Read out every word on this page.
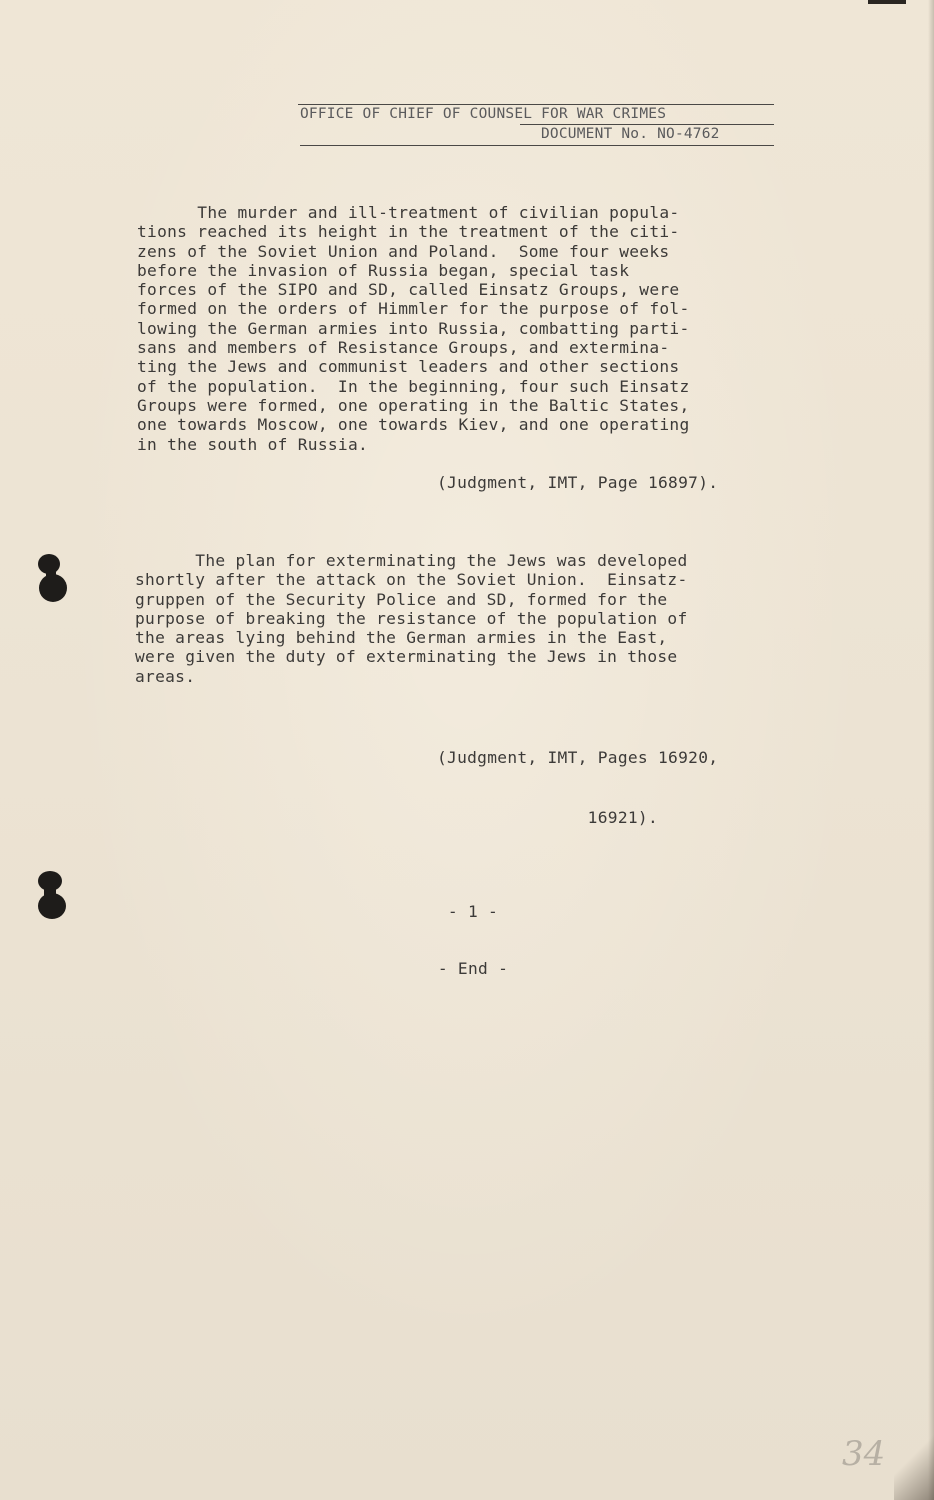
OFFICE OF CHIEF OF COUNSEL FOR WAR CRIMES
DOCUMENT No. NO-4762
The murder and ill-treatment of civilian popula-
tions reached its height in the treatment of the citi-
zens of the Soviet Union and Poland.  Some four weeks
before the invasion of Russia began, special task
forces of the SIPO and SD, called Einsatz Groups, were
formed on the orders of Himmler for the purpose of fol-
lowing the German armies into Russia, combatting parti-
sans and members of Resistance Groups, and extermina-
ting the Jews and communist leaders and other sections
of the population.  In the beginning, four such Einsatz
Groups were formed, one operating in the Baltic States,
one towards Moscow, one towards Kiev, and one operating
in the south of Russia.
(Judgment, IMT, Page 16897).
The plan for exterminating the Jews was developed
shortly after the attack on the Soviet Union.  Einsatz-
gruppen of the Security Police and SD, formed for the
purpose of breaking the resistance of the population of
the areas lying behind the German armies in the East,
were given the duty of exterminating the Jews in those
areas.

(Judgment, IMT, Pages 16920,

16921).

- 1 -
- End -
34
